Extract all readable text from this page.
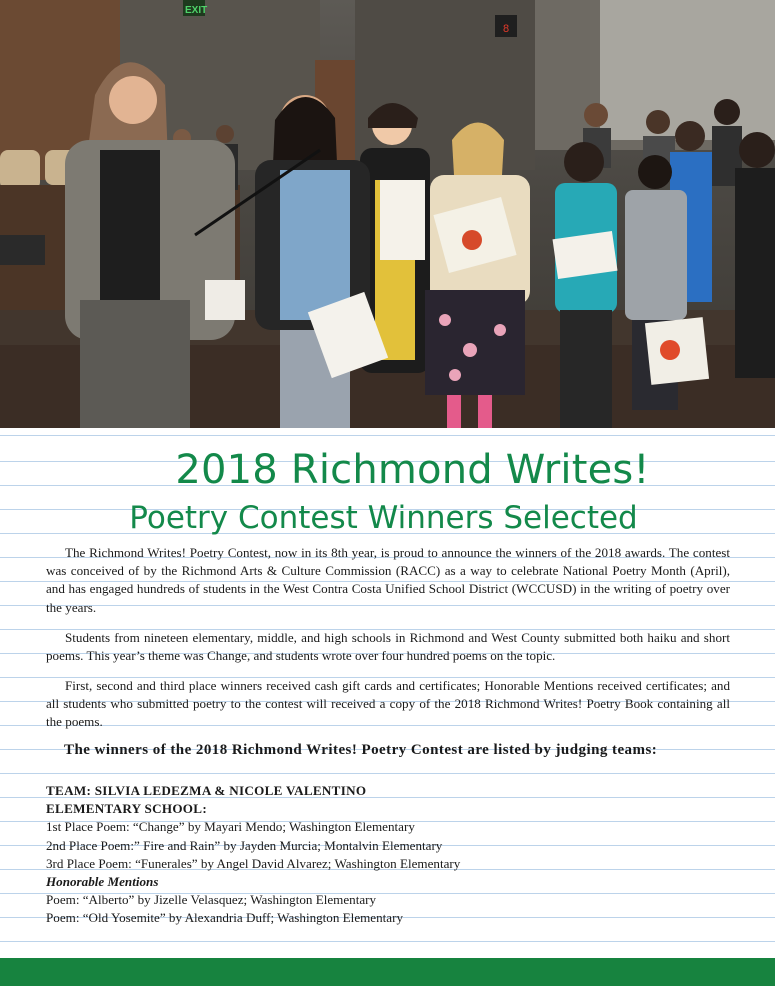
8
EXIT
2018 Richmond Writes!
Poetry Contest Winners Selected

The Richmond Writes! Poetry Contest, now in its 8th year, is proud to announce the winners of the 2018 awards. The contest was conceived of by the Richmond Arts & Culture Commission (RACC) as a way to celebrate National Poetry Month (April), and has engaged hundreds of students in the West Contra Costa Unified School District (WCCUSD) in the writing of poetry over the years.

Students from nineteen elementary, middle, and high schools in Richmond and West County submitted both haiku and short poems. This year’s theme was Change, and students wrote over four hundred poems on the topic.

First, second and third place winners received cash gift cards and certificates; Honorable Mentions received certificates; and all students who submitted poetry to the contest will received a copy of the 2018 Richmond Writes! Poetry Book containing all the poems.

The winners of the 2018 Richmond Writes! Poetry Contest are listed by judging teams:

TEAM: SILVIA LEDEZMA & NICOLE VALENTINO
ELEMENTARY SCHOOL:
1st Place Poem: “Change” by Mayari Mendo; Washington Elementary
2nd Place Poem:” Fire and Rain” by Jayden Murcia; Montalvin Elementary
3rd Place Poem: “Funerales” by Angel David Alvarez; Washington Elementary
Honorable Mentions
Poem: “Alberto” by Jizelle Velasquez; Washington Elementary
Poem: “Old Yosemite” by Alexandria Duff; Washington Elementary
